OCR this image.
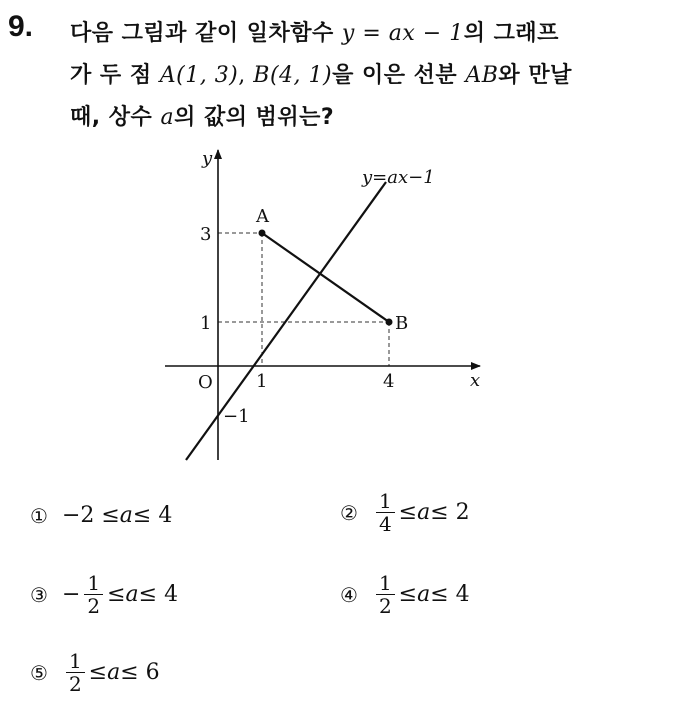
9. 다음 그림과 같이 일차함수 y = ax − 1의 그래프
가 두 점 A(1, 3), B(4, 1)을 이은 선분 AB와 만날
때, 상수 a의 값의 범위는?
y
x
O
y=ax−1
A
B
1	4
3
1
−1
① −2 ≤ a ≤ 4	② $\frac{1}{4} \le a \le 2$
③ − $\frac{1}{2} \le a \le 4$	④ $\frac{1}{2} \le a \le 4$
⑤ $\frac{1}{2} \le a \le 6$
